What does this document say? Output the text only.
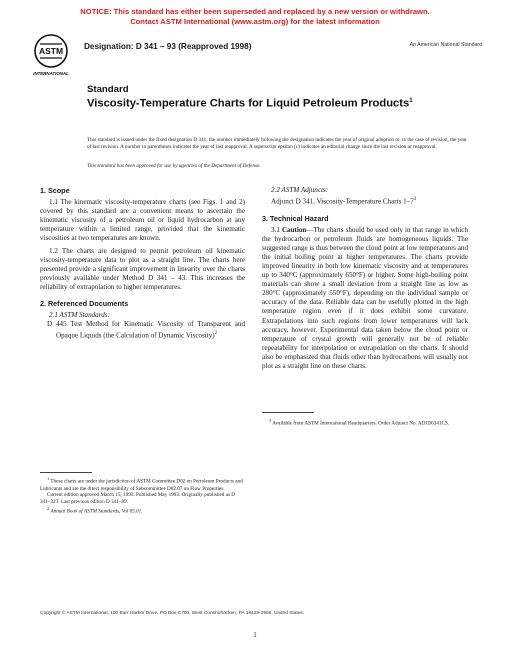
NOTICE: This standard has either been superseded and replaced by a new version or withdrawn.
Contact ASTM International (www.astm.org) for the latest information
ASTM
INTERNATIONAL
Designation: D 341 – 93 (Reapproved 1998)	An American National Standard
Standard
Viscosity-Temperature Charts for Liquid Petroleum Products$^1$
This standard is issued under the fixed designation D 341; the number immediately following the designation indicates the year of original adoption or, in the case of revision, the year of last revision. A number in parentheses indicates the year of last reapproval. A superscript epsilon (ε) indicates an editorial change since the last revision or reapproval.
This standard has been approved for use by agencies of the Department of Defense.

1. Scope

1.1 The kinematic viscosity-temperature charts (see Figs. 1 and 2) covered by this standard are a convenient means to ascertain the kinematic viscosity of a petroleum oil or liquid hydrocarbon at any temperature within a limited range, provided that the kinematic viscosities at two temperatures are known.

1.2 The charts are designed to permit petroleum oil kinematic viscosity-temperature data to plot as a straight line. The charts here presented provide a significant improvement in linearity over the charts previously available under Method D 341 – 43. This increases the reliability of extrapolation to higher temperatures.

2. Referenced Documents

2.1 ASTM Standards:

D 445 Test Method for Kinematic Viscosity of Transparent and Opaque Liquids (the Calculation of Dynamic Viscosity)$^2$

$^1$ These charts are under the jurisdiction of ASTM Committee D02 on Petroleum Products and Lubricants and are the direct responsibility of Subcommittee D02.07 on Flow Properties.

Current edition approved March 15, 1993. Published May 1993. Originally published as D 341–32T. Last previous edition D 341–89.

$^2$ Annual Book of ASTM Standards, Vol 05.01.

2.2 ASTM Adjuncts:

Adjunct D 341, Viscosity-Temperature Charts $1-7^3$

3. Technical Hazard

3.1 Caution—The charts should be used only in that range in which the hydrocarbon or petroleum fluids are homogeneous liquids. The suggested range is thus between the cloud point at low temperatures and the initial boiling point at higher temperatures. The charts provide improved linearity in both low kinematic viscosity and at temperatures up to 340°C (approximately 650°F) or higher. Some high-boiling point materials can show a small deviation from a straight line as low as 280°C (approximately 550°F), depending on the individual sample or accuracy of the data. Reliable data can be usefully plotted in the high temperature region even if it does exhibit some curvature. Extrapolations into such regions from lower temperatures will lack accuracy, however. Experimental data taken below the cloud point or temperature of crystal growth will generally not be of reliable repeatability for interpolation or extrapolation on the charts. It should also be emphasized that fluids other than hydrocarbons will usually not plot as a straight line on these charts.

$^3$ Available from ASTM International Headquarters. Order Adjunct No. ADJD0341CS.

Copyright © ASTM International, 100 Barr Harbor Drive, PO Box C700, West Conshohocken, PA 19428-2959, United States.
1
